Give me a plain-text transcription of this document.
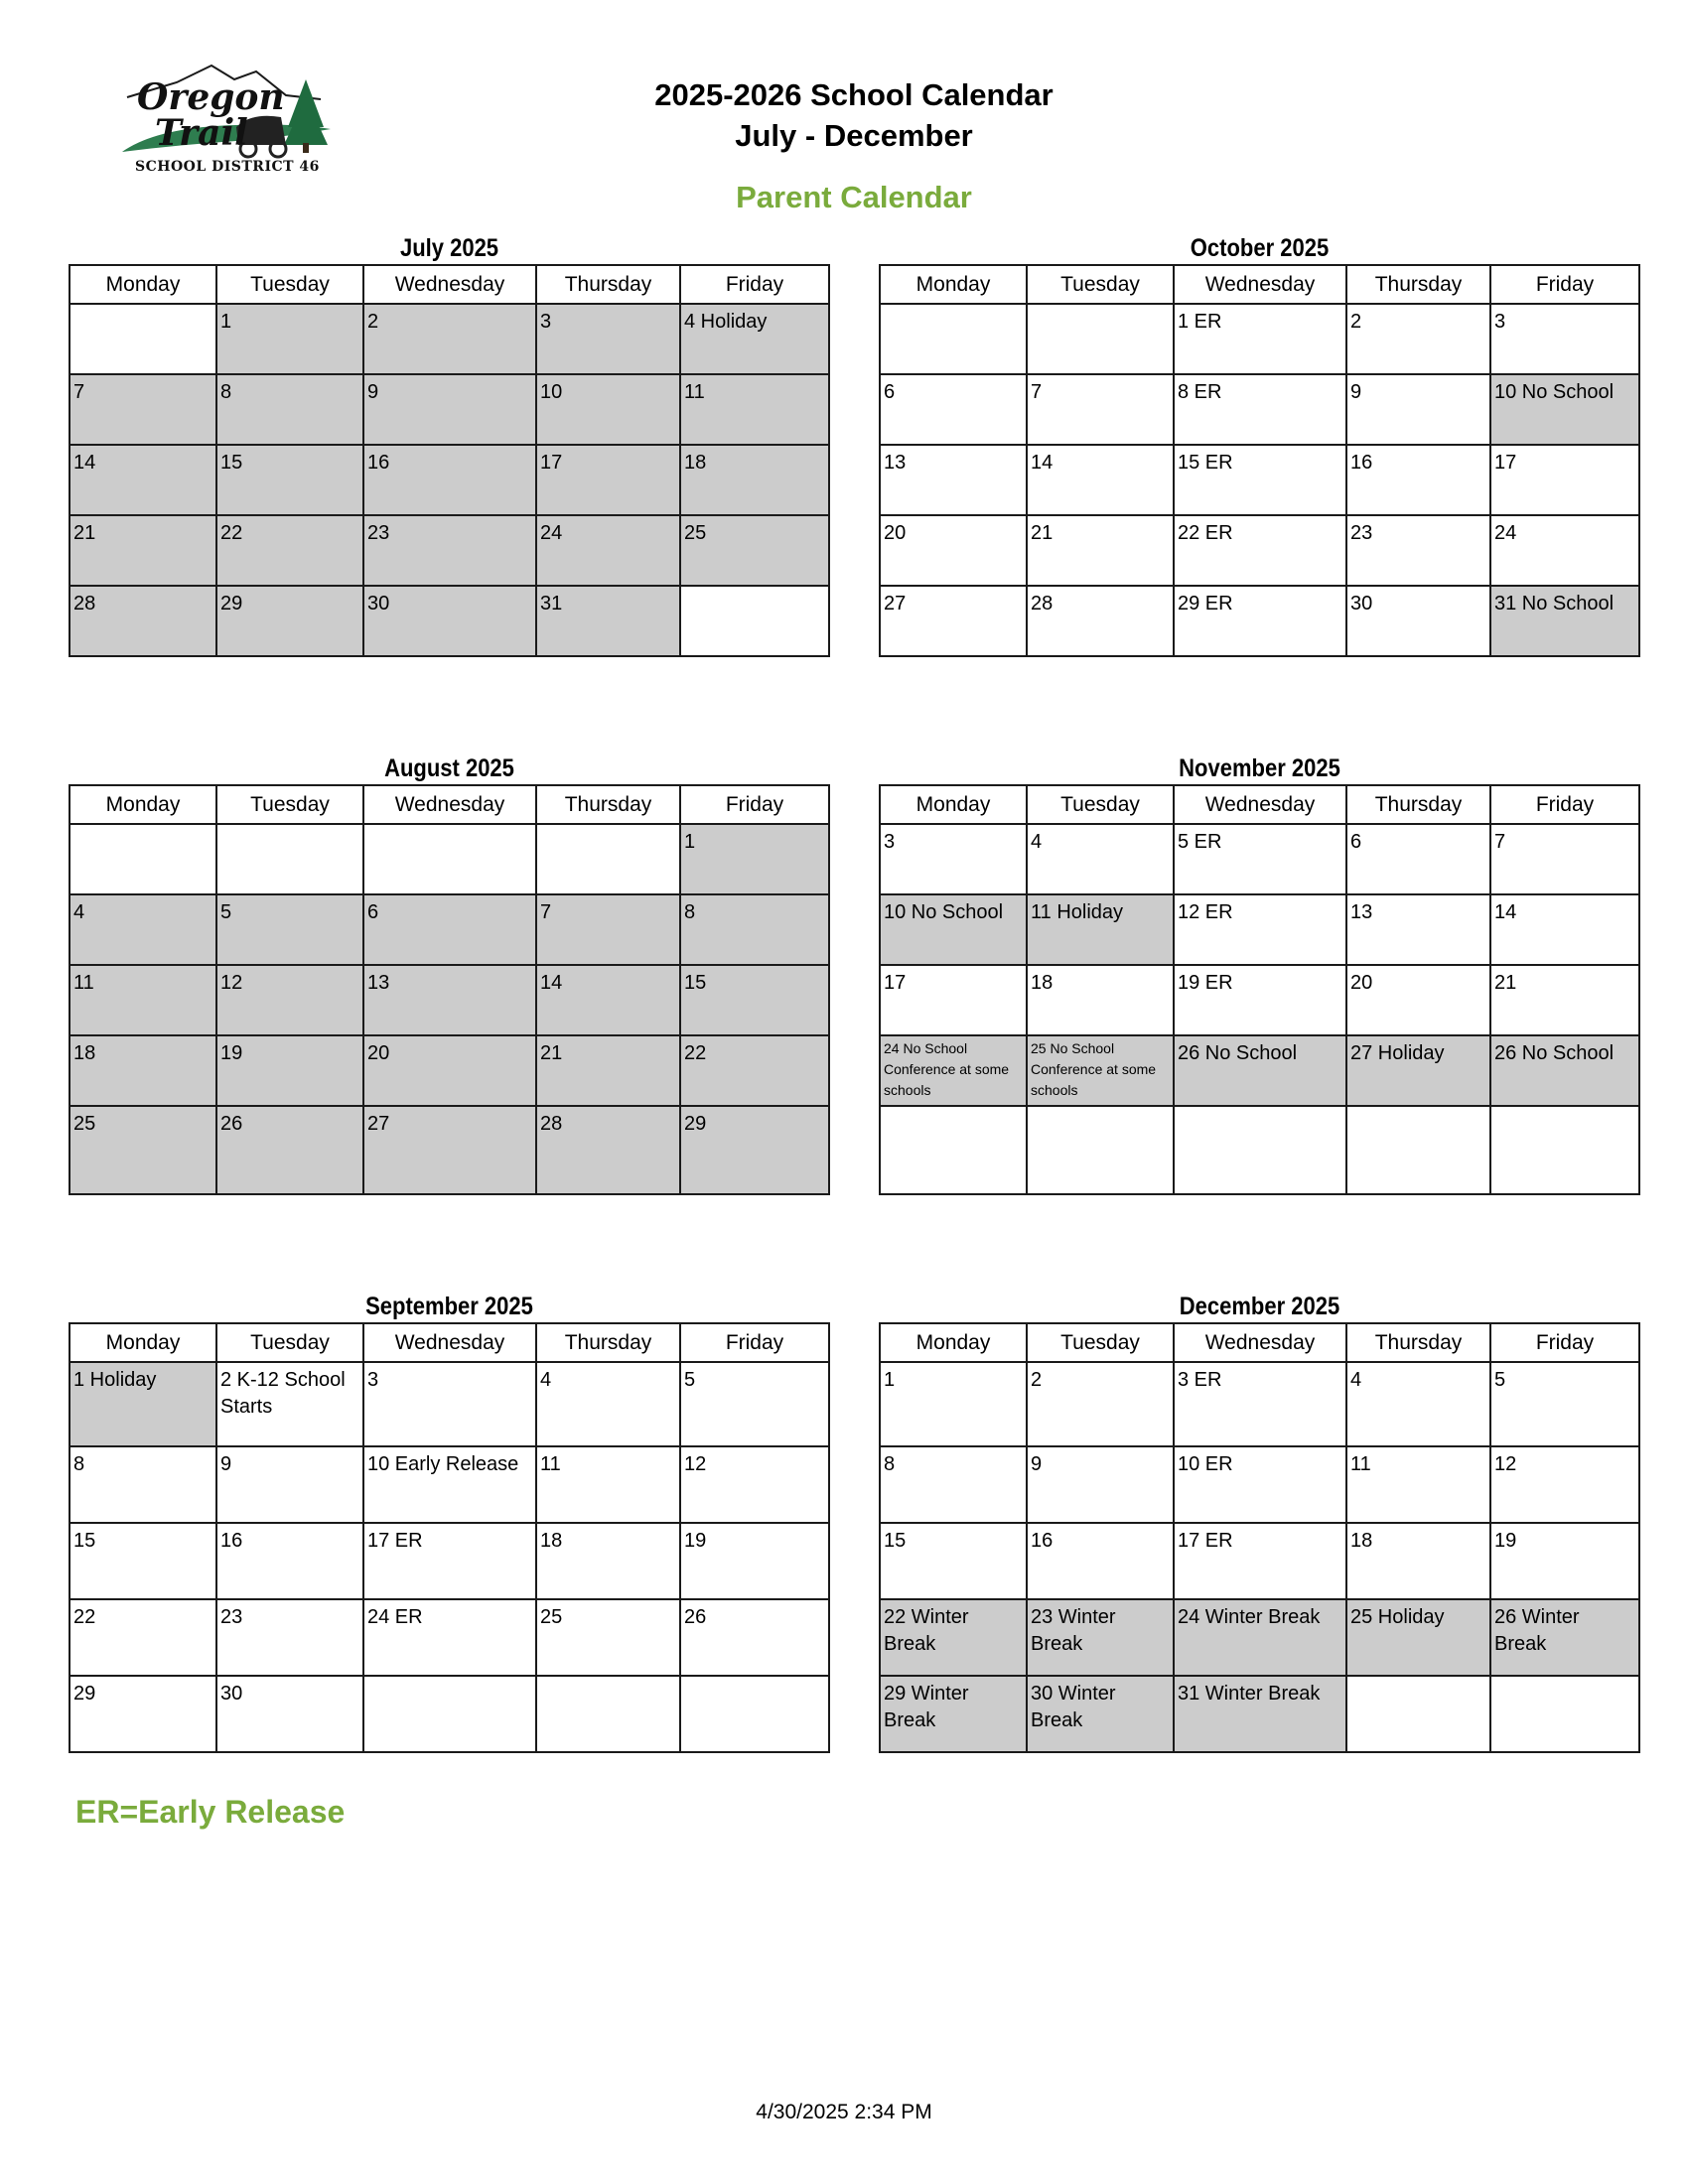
Oregon
Trail
SCHOOL DISTRICT 46
2025-2026 School Calendar
July - December
Parent Calendar
July 2025
Monday	Tuesday	Wednesday	Thursday	Friday
	1	2	3	4 Holiday
7	8	9	10	11
14	15	16	17	18
21	22	23	24	25
28	29	30	31	
October 2025
Monday	Tuesday	Wednesday	Thursday	Friday
		1 ER	2	3
6	7	8 ER	9	10 No School
13	14	15 ER	16	17
20	21	22 ER	23	24
27	28	29 ER	30	31 No School
August 2025
Monday	Tuesday	Wednesday	Thursday	Friday
				1
4	5	6	7	8
11	12	13	14	15
18	19	20	21	22
25	26	27	28	29
November 2025
Monday	Tuesday	Wednesday	Thursday	Friday
3	4	5 ER	6	7
10 No School	11 Holiday	12 ER	13	14
17	18	19 ER	20	21
24 No School Conference at some schools	25 No School Conference at some schools	26 No School	27 Holiday	26 No School

September 2025
Monday	Tuesday	Wednesday	Thursday	Friday
1 Holiday	2 K-12 School Starts	3	4	5
8	9	10 Early Release	11	12
15	16	17 ER	18	19
22	23	24 ER	25	26
29	30			
December 2025
Monday	Tuesday	Wednesday	Thursday	Friday
1	2	3 ER	4	5
8	9	10 ER	11	12
15	16	17 ER	18	19
22 Winter Break	23 Winter Break	24 Winter Break	25 Holiday	26 Winter Break
29 Winter Break	30 Winter Break	31 Winter Break		
ER=Early Release
4/30/2025 2:34 PM
